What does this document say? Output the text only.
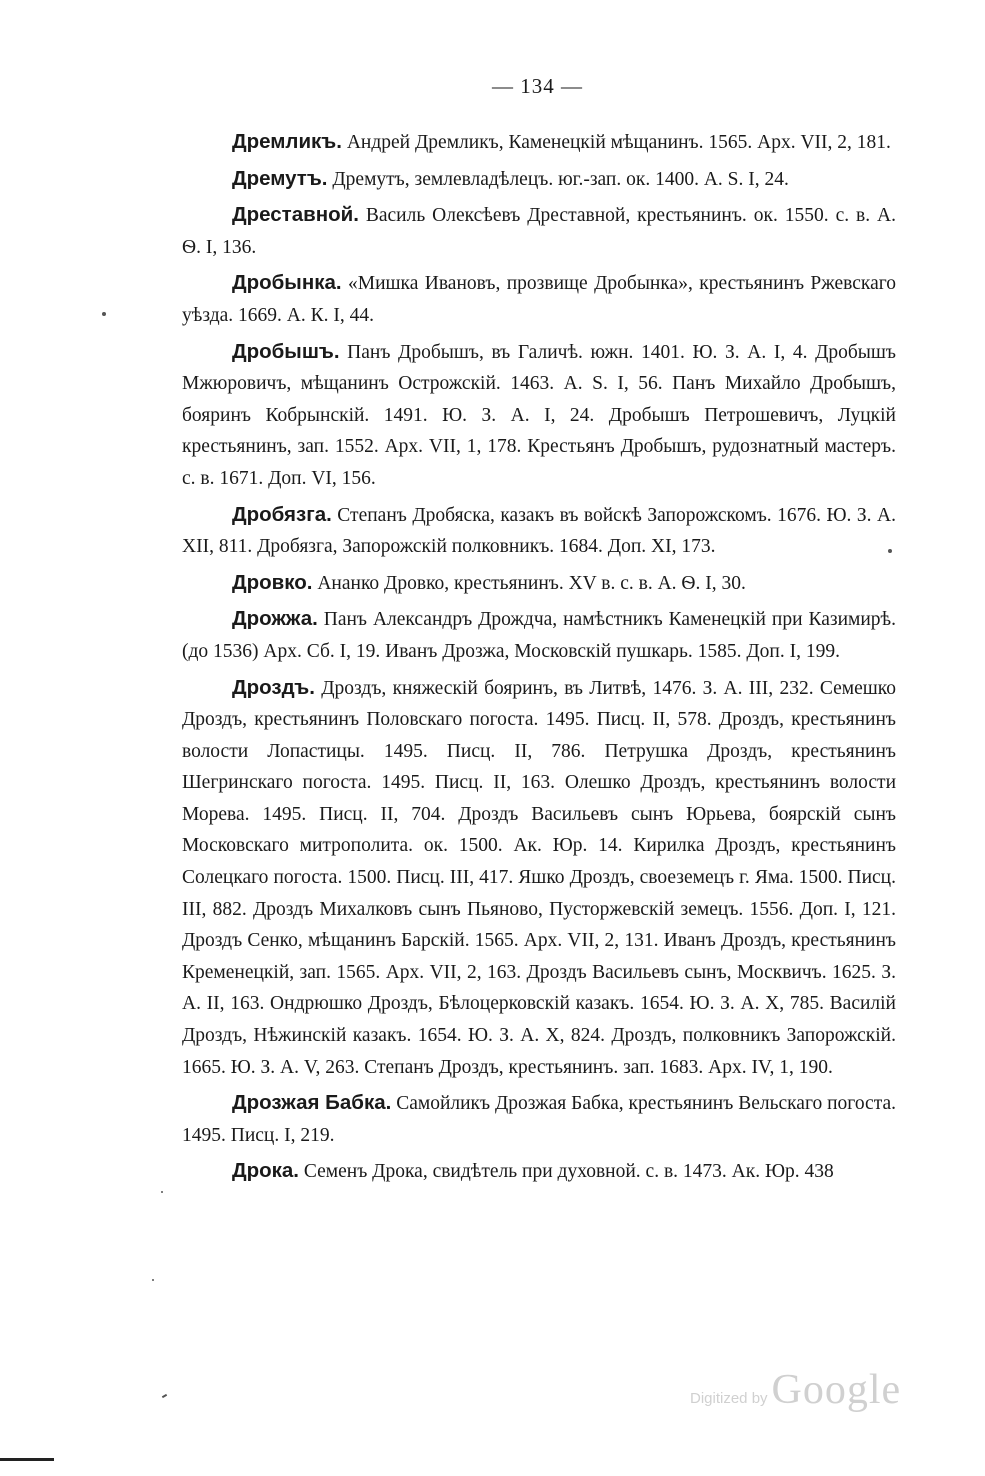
— 134 —

Дремликъ. Андрей Дремликъ, Каменецкій мѣщанинъ. 1565. Арх. VII, 2, 181.

Дремутъ. Дремутъ, землевладѣлецъ. юг.-зап. ок. 1400. А. S. I, 24.

Дреставной. Василь Олексѣевъ Дреставной, крестьянинъ. ок. 1550. с. в. А. Ѳ. I, 136.

Дробынка. «Мишка Ивановъ, прозвище Дробынка», крестьянинъ Ржевскаго уѣзда. 1669. А. К. I, 44.

Дробышъ. Панъ Дробышъ, въ Галичѣ. южн. 1401. Ю. З. А. I, 4. Дробышъ Мжюровичъ, мѣщанинъ Острожскій. 1463. А. S. I, 56. Панъ Михайло Дробышъ, бояринъ Кобрынскій. 1491. Ю. З. А. I, 24. Дробышъ Петрошевичъ, Луцкій крестьянинъ, зап. 1552. Арх. VII, 1, 178. Крестьянъ Дробышъ, рудознатный мастеръ. с. в. 1671. Доп. VI, 156.

Дробязга. Степанъ Дробяска, казакъ въ войскѣ Запорожскомъ. 1676. Ю. З. А. XII, 811. Дробязга, Запорожскій полковникъ. 1684. Доп. XI, 173.

Дровко. Ананко Дровко, крестьянинъ. XV в. с. в. А. Ѳ. I, 30.

Дрожжа. Панъ Александръ Дрождча, намѣстникъ Каменецкій при Казимирѣ. (до 1536) Арх. Сб. I, 19. Иванъ Дрозжа, Московскій пушкарь. 1585. Доп. I, 199.

Дроздъ. Дроздъ, княжескій бояринъ, въ Литвѣ, 1476. З. А. III, 232. Семешко Дроздъ, крестьянинъ Половскаго погоста. 1495. Писц. II, 578. Дроздъ, крестьянинъ волости Лопастицы. 1495. Писц. II, 786. Петрушка Дроздъ, крестьянинъ Шегринскаго погоста. 1495. Писц. II, 163. Олешко Дроздъ, крестьянинъ волости Морева. 1495. Писц. II, 704. Дроздъ Васильевъ сынъ Юрьева, боярскій сынъ Московскаго митрополита. ок. 1500. Ак. Юр. 14. Кирилка Дроздъ, крестьянинъ Солецкаго погоста. 1500. Писц. III, 417. Яшко Дроздъ, своеземецъ г. Яма. 1500. Писц. III, 882. Дроздъ Михалковъ сынъ Пьяново, Пусторжевскій земецъ. 1556. Доп. I, 121. Дроздъ Сенко, мѣщанинъ Барскій. 1565. Арх. VII, 2, 131. Иванъ Дроздъ, крестьянинъ Кременецкій, зап. 1565. Арх. VII, 2, 163. Дроздъ Васильевъ сынъ, Москвичъ. 1625. З. А. II, 163. Ондрюшко Дроздъ, Бѣлоцерковскій казакъ. 1654. Ю. З. А. X, 785. Василій Дроздъ, Нѣжинскій казакъ. 1654. Ю. З. А. X, 824. Дроздъ, полковникъ Запорожскій. 1665. Ю. З. А. V, 263. Степанъ Дроздъ, крестьянинъ. зап. 1683. Арх. IV, 1, 190.

Дрозжая Бабка. Самойликъ Дрозжая Бабка, крестьянинъ Вельскаго погоста. 1495. Писц. I, 219.

Дрока. Семенъ Дрока, свидѣтель при духовной. с. в. 1473. Ак. Юр. 438

Digitized byGoogle
